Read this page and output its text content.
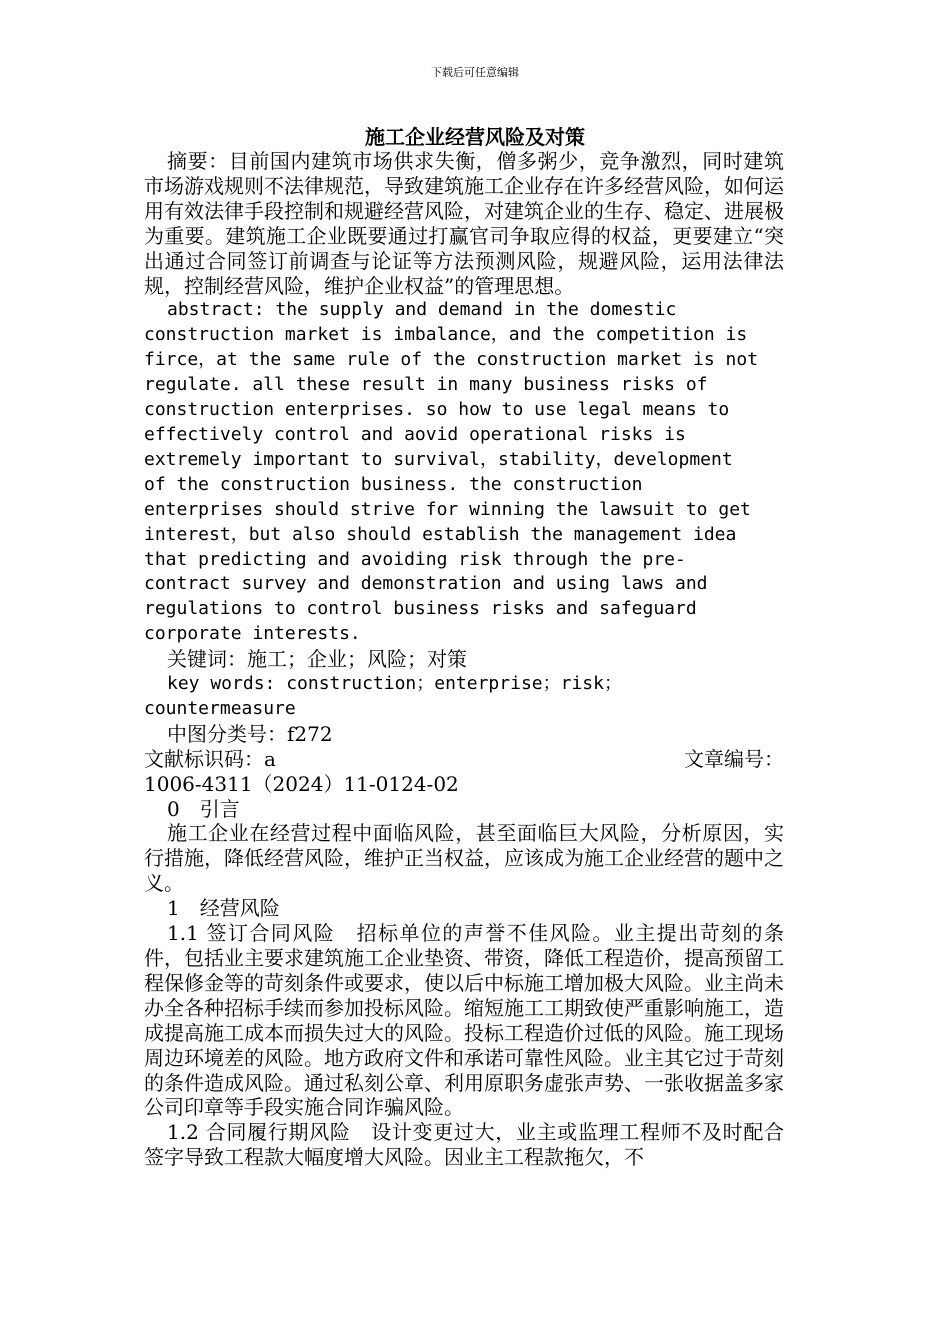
下载后可任意编辑
施工企业经营风险及对策

摘要：目前国内建筑市场供求失衡，僧多粥少，竞争激烈，同时建筑市场游戏规则不法律规范，导致建筑施工企业存在许多经营风险，如何运用有效法律手段控制和规避经营风险，对建筑企业的生存、稳定、进展极为重要。建筑施工企业既要通过打赢官司争取应得的权益，更要建立“突出通过合同签订前调查与论证等方法预测风险，规避风险，运用法律法规，控制经营风险，维护企业权益”的管理思想。

abstract: the supply and demand in the domestic
construction market is imbalance，and the competition is
firce，at the same rule of the construction market is not
regulate. all these result in many business risks of
construction enterprises. so how to use legal means to
effectively control and aovid operational risks is
extremely important to survival，stability，development
of the construction business. the construction
enterprises should strive for winning the lawsuit to get
interest，but also should establish the management idea
that predicting and avoiding risk through the pre-
contract survey and demonstration and using laws and
regulations to control business risks and safeguard
corporate interests.

关键词：施工；企业；风险；对策

key words: construction；enterprise；risk；
countermeasure

中图分类号：f272

文献标识码：a	文章编号：

1006-4311（2024）11-0124-02

0　引言

施工企业在经营过程中面临风险，甚至面临巨大风险，分析原因，实行措施，降低经营风险，维护正当权益，应该成为施工企业经营的题中之义。

1　经营风险

1.1 签订合同风险　招标单位的声誉不佳风险。业主提出苛刻的条件，包括业主要求建筑施工企业垫资、带资，降低工程造价，提高预留工程保修金等的苛刻条件或要求，使以后中标施工增加极大风险。业主尚未办全各种招标手续而参加投标风险。缩短施工工期致使严重影响施工，造成提高施工成本而损失过大的风险。投标工程造价过低的风险。施工现场周边环境差的风险。地方政府文件和承诺可靠性风险。业主其它过于苛刻的条件造成风险。通过私刻公章、利用原职务虚张声势、一张收据盖多家公司印章等手段实施合同诈骗风险。

1.2 合同履行期风险　设计变更过大，业主或监理工程师不及时配合签字导致工程款大幅度增大风险。因业主工程款拖欠，不
